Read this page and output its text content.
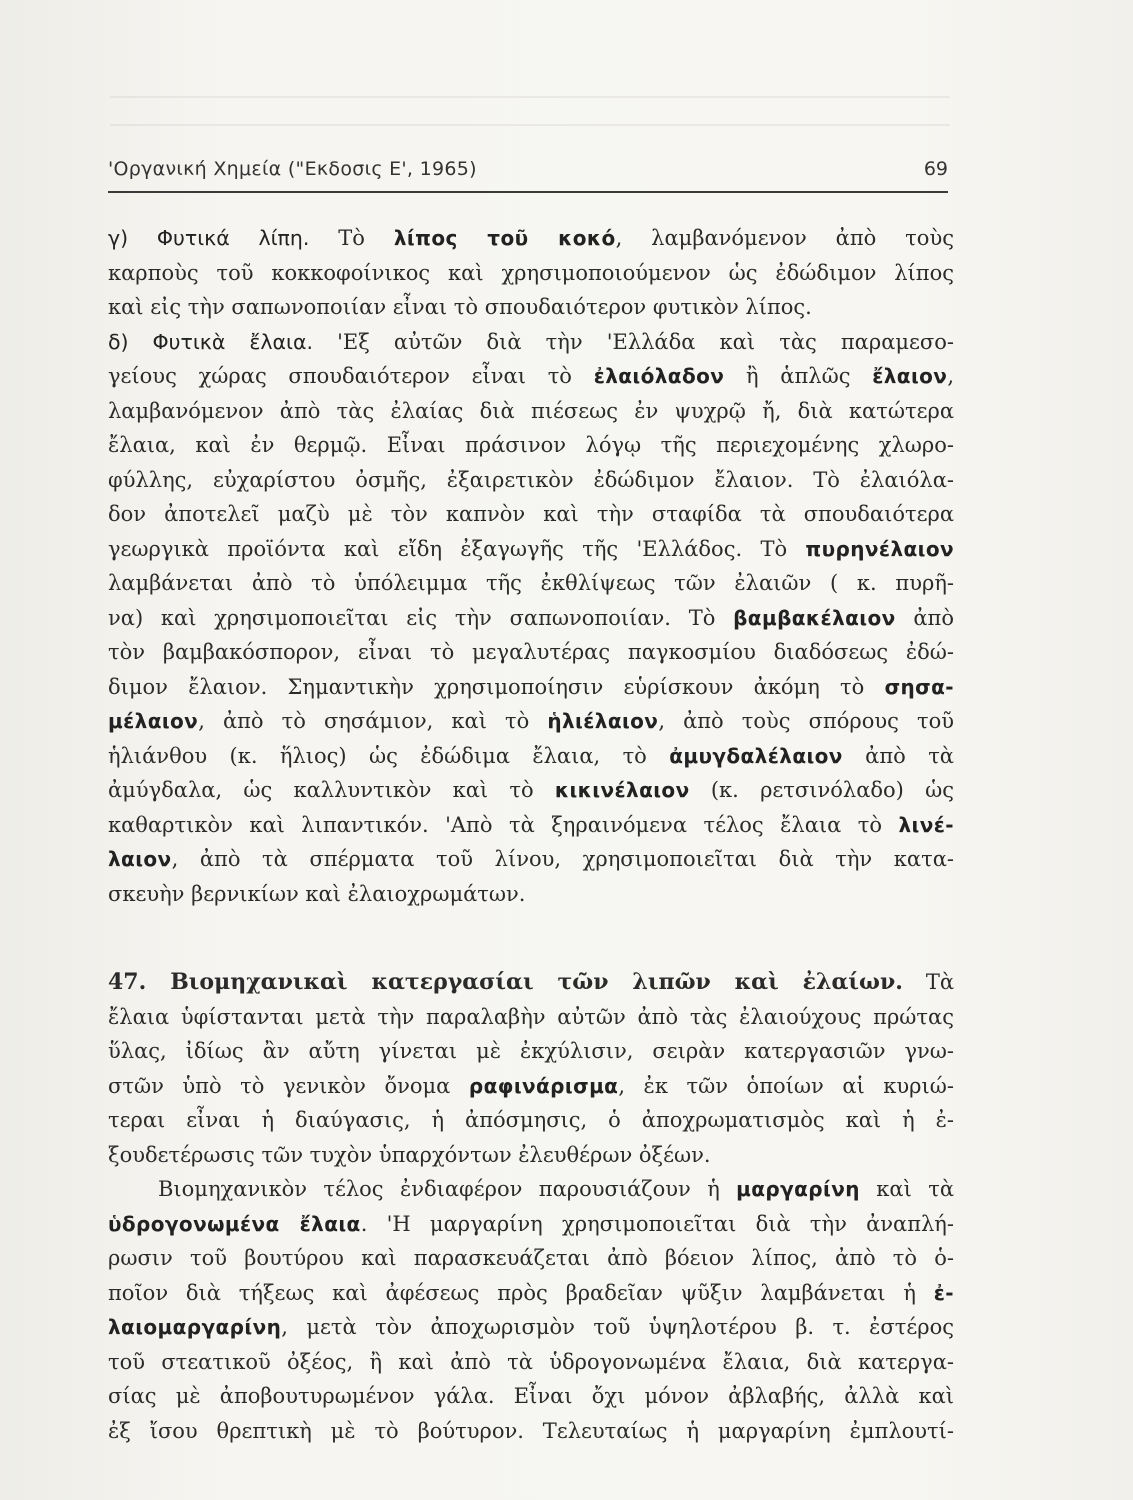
'Οργανική Χημεία ("Εκδοσις Ε', 1965)	69
γ) Φυτικά λίπη. Τὸ λίπος τοῦ κοκό, λαμβανόμενον ἀπὸ τοὺς
καρποὺς τοῦ κοκκοφοίνικος καὶ χρησιμοποιούμενον ὡς ἐδώδιμον λίπος
καὶ εἰς τὴν σαπωνοποιίαν εἶναι τὸ σπουδαιότερον φυτικὸν λίπος.
δ) Φυτικὰ ἔλαια. 'Εξ αὐτῶν διὰ τὴν 'Ελλάδα καὶ τὰς παραμεσο-
γείους χώρας σπουδαιότερον εἶναι τὸ ἐλαιόλαδον ἢ ἁπλῶς ἔλαιον,
λαμβανόμενον ἀπὸ τὰς ἐλαίας διὰ πιέσεως ἐν ψυχρῷ ἤ, διὰ κατώτερα
ἔλαια, καὶ ἐν θερμῷ. Εἶναι πράσινον λόγῳ τῆς περιεχομένης χλωρο-
φύλλης, εὐχαρίστου ὀσμῆς, ἐξαιρετικὸν ἐδώδιμον ἔλαιον. Τὸ ἐλαιόλα-
δον ἀποτελεῖ μαζὺ μὲ τὸν καπνὸν καὶ τὴν σταφίδα τὰ σπουδαιότερα
γεωργικὰ προϊόντα καὶ εἴδη ἐξαγωγῆς τῆς 'Ελλάδος. Τὸ πυρηνέλαιον
λαμβάνεται ἀπὸ τὸ ὑπόλειμμα τῆς ἐκθλίψεως τῶν ἐλαιῶν ( κ. πυρῆ-
να) καὶ χρησιμοποιεῖται εἰς τὴν σαπωνοποιίαν. Τὸ βαμβακέλαιον ἀπὸ
τὸν βαμβακόσπορον, εἶναι τὸ μεγαλυτέρας παγκοσμίου διαδόσεως ἐδώ-
διμον ἔλαιον. Σημαντικὴν χρησιμοποίησιν εὑρίσκουν ἀκόμη τὸ σησα-
μέλαιον, ἀπὸ τὸ σησάμιον, καὶ τὸ ἡλιέλαιον, ἀπὸ τοὺς σπόρους τοῦ
ἡλιάνθου (κ. ἥλιος) ὡς ἐδώδιμα ἔλαια, τὸ ἀμυγδαλέλαιον ἀπὸ τὰ
ἀμύγδαλα, ὡς καλλυντικὸν καὶ τὸ κικινέλαιον (κ. ρετσινόλαδο) ὡς
καθαρτικὸν καὶ λιπαντικόν. 'Απὸ τὰ ξηραινόμενα τέλος ἔλαια τὸ λινέ-
λαιον, ἀπὸ τὰ σπέρματα τοῦ λίνου, χρησιμοποιεῖται διὰ τὴν κατα-
σκευὴν βερνικίων καὶ ἐλαιοχρωμάτων.
47. Βιομηχανικαὶ κατεργασίαι τῶν λιπῶν καὶ ἐλαίων. Τὰ
ἔλαια ὑφίστανται μετὰ τὴν παραλαβὴν αὐτῶν ἀπὸ τὰς ἐλαιούχους πρώτας
ὕλας, ἰδίως ἂν αὔτη γίνεται μὲ ἐκχύλισιν, σειρὰν κατεργασιῶν γνω-
στῶν ὑπὸ τὸ γενικὸν ὄνομα ραφινάρισμα, ἐκ τῶν ὁποίων αἱ κυριώ-
τεραι εἶναι ἡ διαύγασις, ἡ ἀπόσμησις, ὁ ἀποχρωματισμὸς καὶ ἡ ἐ-
ξουδετέρωσις τῶν τυχὸν ὑπαρχόντων ἐλευθέρων ὀξέων.
Βιομηχανικὸν τέλος ἐνδιαφέρον παρουσιάζουν ἡ μαργαρίνη καὶ τὰ
ὑδρογονωμένα ἔλαια. 'Η μαργαρίνη χρησιμοποιεῖται διὰ τὴν ἀναπλή-
ρωσιν τοῦ βουτύρου καὶ παρασκευάζεται ἀπὸ βόειον λίπος, ἀπὸ τὸ ὁ-
ποῖον διὰ τήξεως καὶ ἀφέσεως πρὸς βραδεῖαν ψῦξιν λαμβάνεται ἡ ἐ-
λαιομαργαρίνη, μετὰ τὸν ἀποχωρισμὸν τοῦ ὑψηλοτέρου β. τ. ἐστέρος
τοῦ στεατικοῦ ὀξέος, ἢ καὶ ἀπὸ τὰ ὑδρογονωμένα ἔλαια, διὰ κατεργα-
σίας μὲ ἀποβουτυρωμένον γάλα. Εἶναι ὄχι μόνον ἀβλαβής, ἀλλὰ καὶ
ἐξ ἴσου θρεπτικὴ μὲ τὸ βούτυρον. Τελευταίως ἡ μαργαρίνη ἐμπλουτί-
